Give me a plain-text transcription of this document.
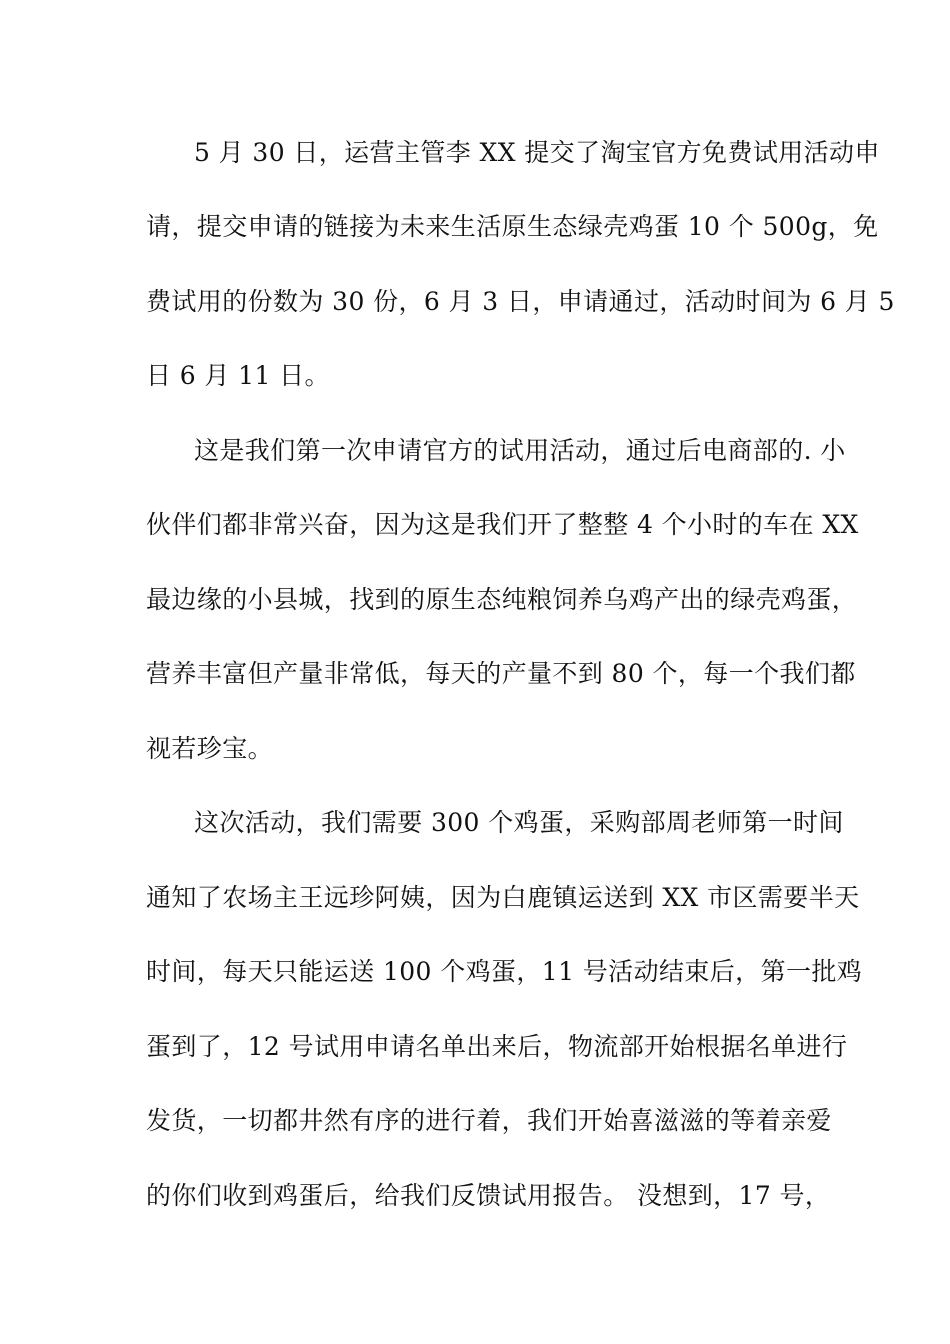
5 月 30 日，运营主管李 XX 提交了淘宝官方免费试用活动申

请，提交申请的链接为未来生活原生态绿壳鸡蛋 10 个 500g，免

费试用的份数为 30 份，6 月 3 日，申请通过，活动时间为 6 月 5

日 6 月 11 日。

这是我们第一次申请官方的试用活动，通过后电商部的. 小

伙伴们都非常兴奋，因为这是我们开了整整 4 个小时的车在 XX

最边缘的小县城，找到的原生态纯粮饲养乌鸡产出的绿壳鸡蛋，

营养丰富但产量非常低，每天的产量不到 80 个，每一个我们都

视若珍宝。

这次活动，我们需要 300 个鸡蛋，采购部周老师第一时间

通知了农场主王远珍阿姨，因为白鹿镇运送到 XX 市区需要半天

时间，每天只能运送 100 个鸡蛋，11 号活动结束后，第一批鸡

蛋到了，12 号试用申请名单出来后，物流部开始根据名单进行

发货，一切都井然有序的进行着，我们开始喜滋滋的等着亲爱

的你们收到鸡蛋后，给我们反馈试用报告。 没想到，17 号，
